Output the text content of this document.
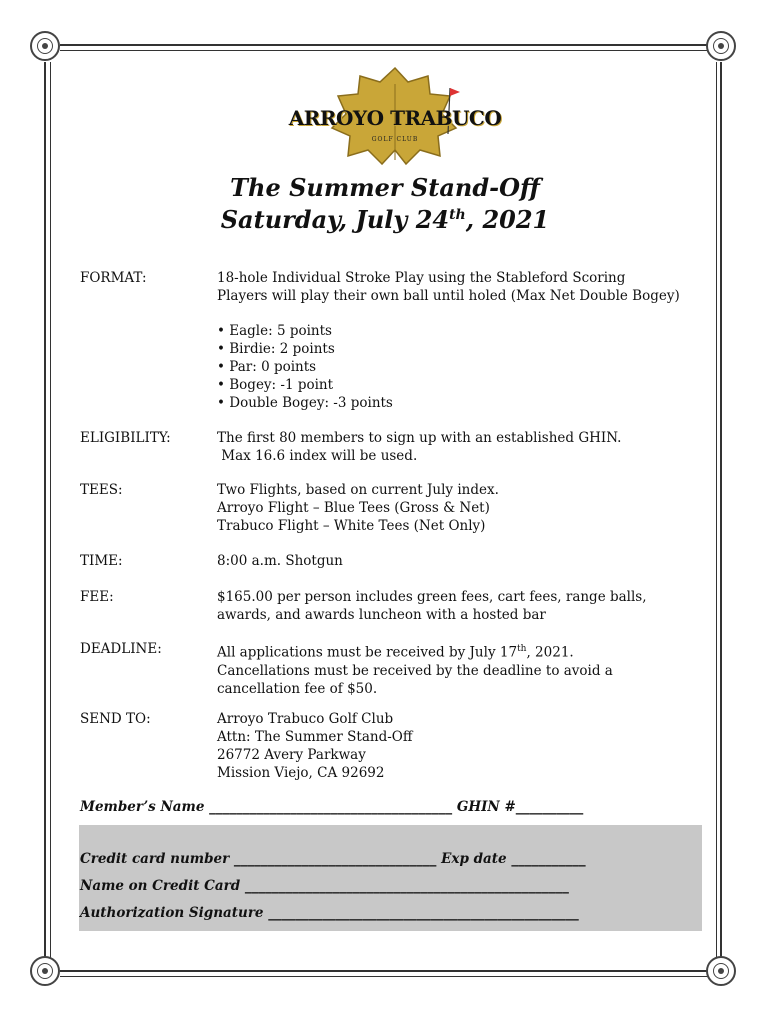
ARROYO TRABUCO
GOLF CLUB
The Summer Stand-Off
Saturday, July 24th, 2021
FORMAT:	18-hole Individual Stroke Play using the Stableford Scoring
Players will play their own ball until holed (Max Net Double Bogey)
• Eagle: 5 points
• Birdie: 2 points
• Par: 0 points
• Bogey: -1 point
• Double Bogey: -3 points
ELIGIBILITY:	The first 80 members to sign up with an established GHIN.
Max 16.6 index will be used.
TEES:	Two Flights, based on current July index.
Arroyo Flight – Blue Tees (Gross & Net)
Trabuco Flight – White Tees (Net Only)
TIME:	8:00 a.m. Shotgun
FEE:	$165.00 per person includes green fees, cart fees, range balls,
awards, and awards luncheon with a hosted bar
DEADLINE:	All applications must be received by July 17th, 2021.
Cancellations must be received by the deadline to avoid a
cancellation fee of $50.
SEND TO:	Arroyo Trabuco Golf Club
Attn: The Summer Stand-Off
26772 Avery Parkway
Mission Viejo, CA 92692
Member’s Name ____________________________________ GHIN #__________
Credit card number ______________________________ Exp date ___________
Name on Credit Card ________________________________________________
Authorization Signature ______________________________________________
